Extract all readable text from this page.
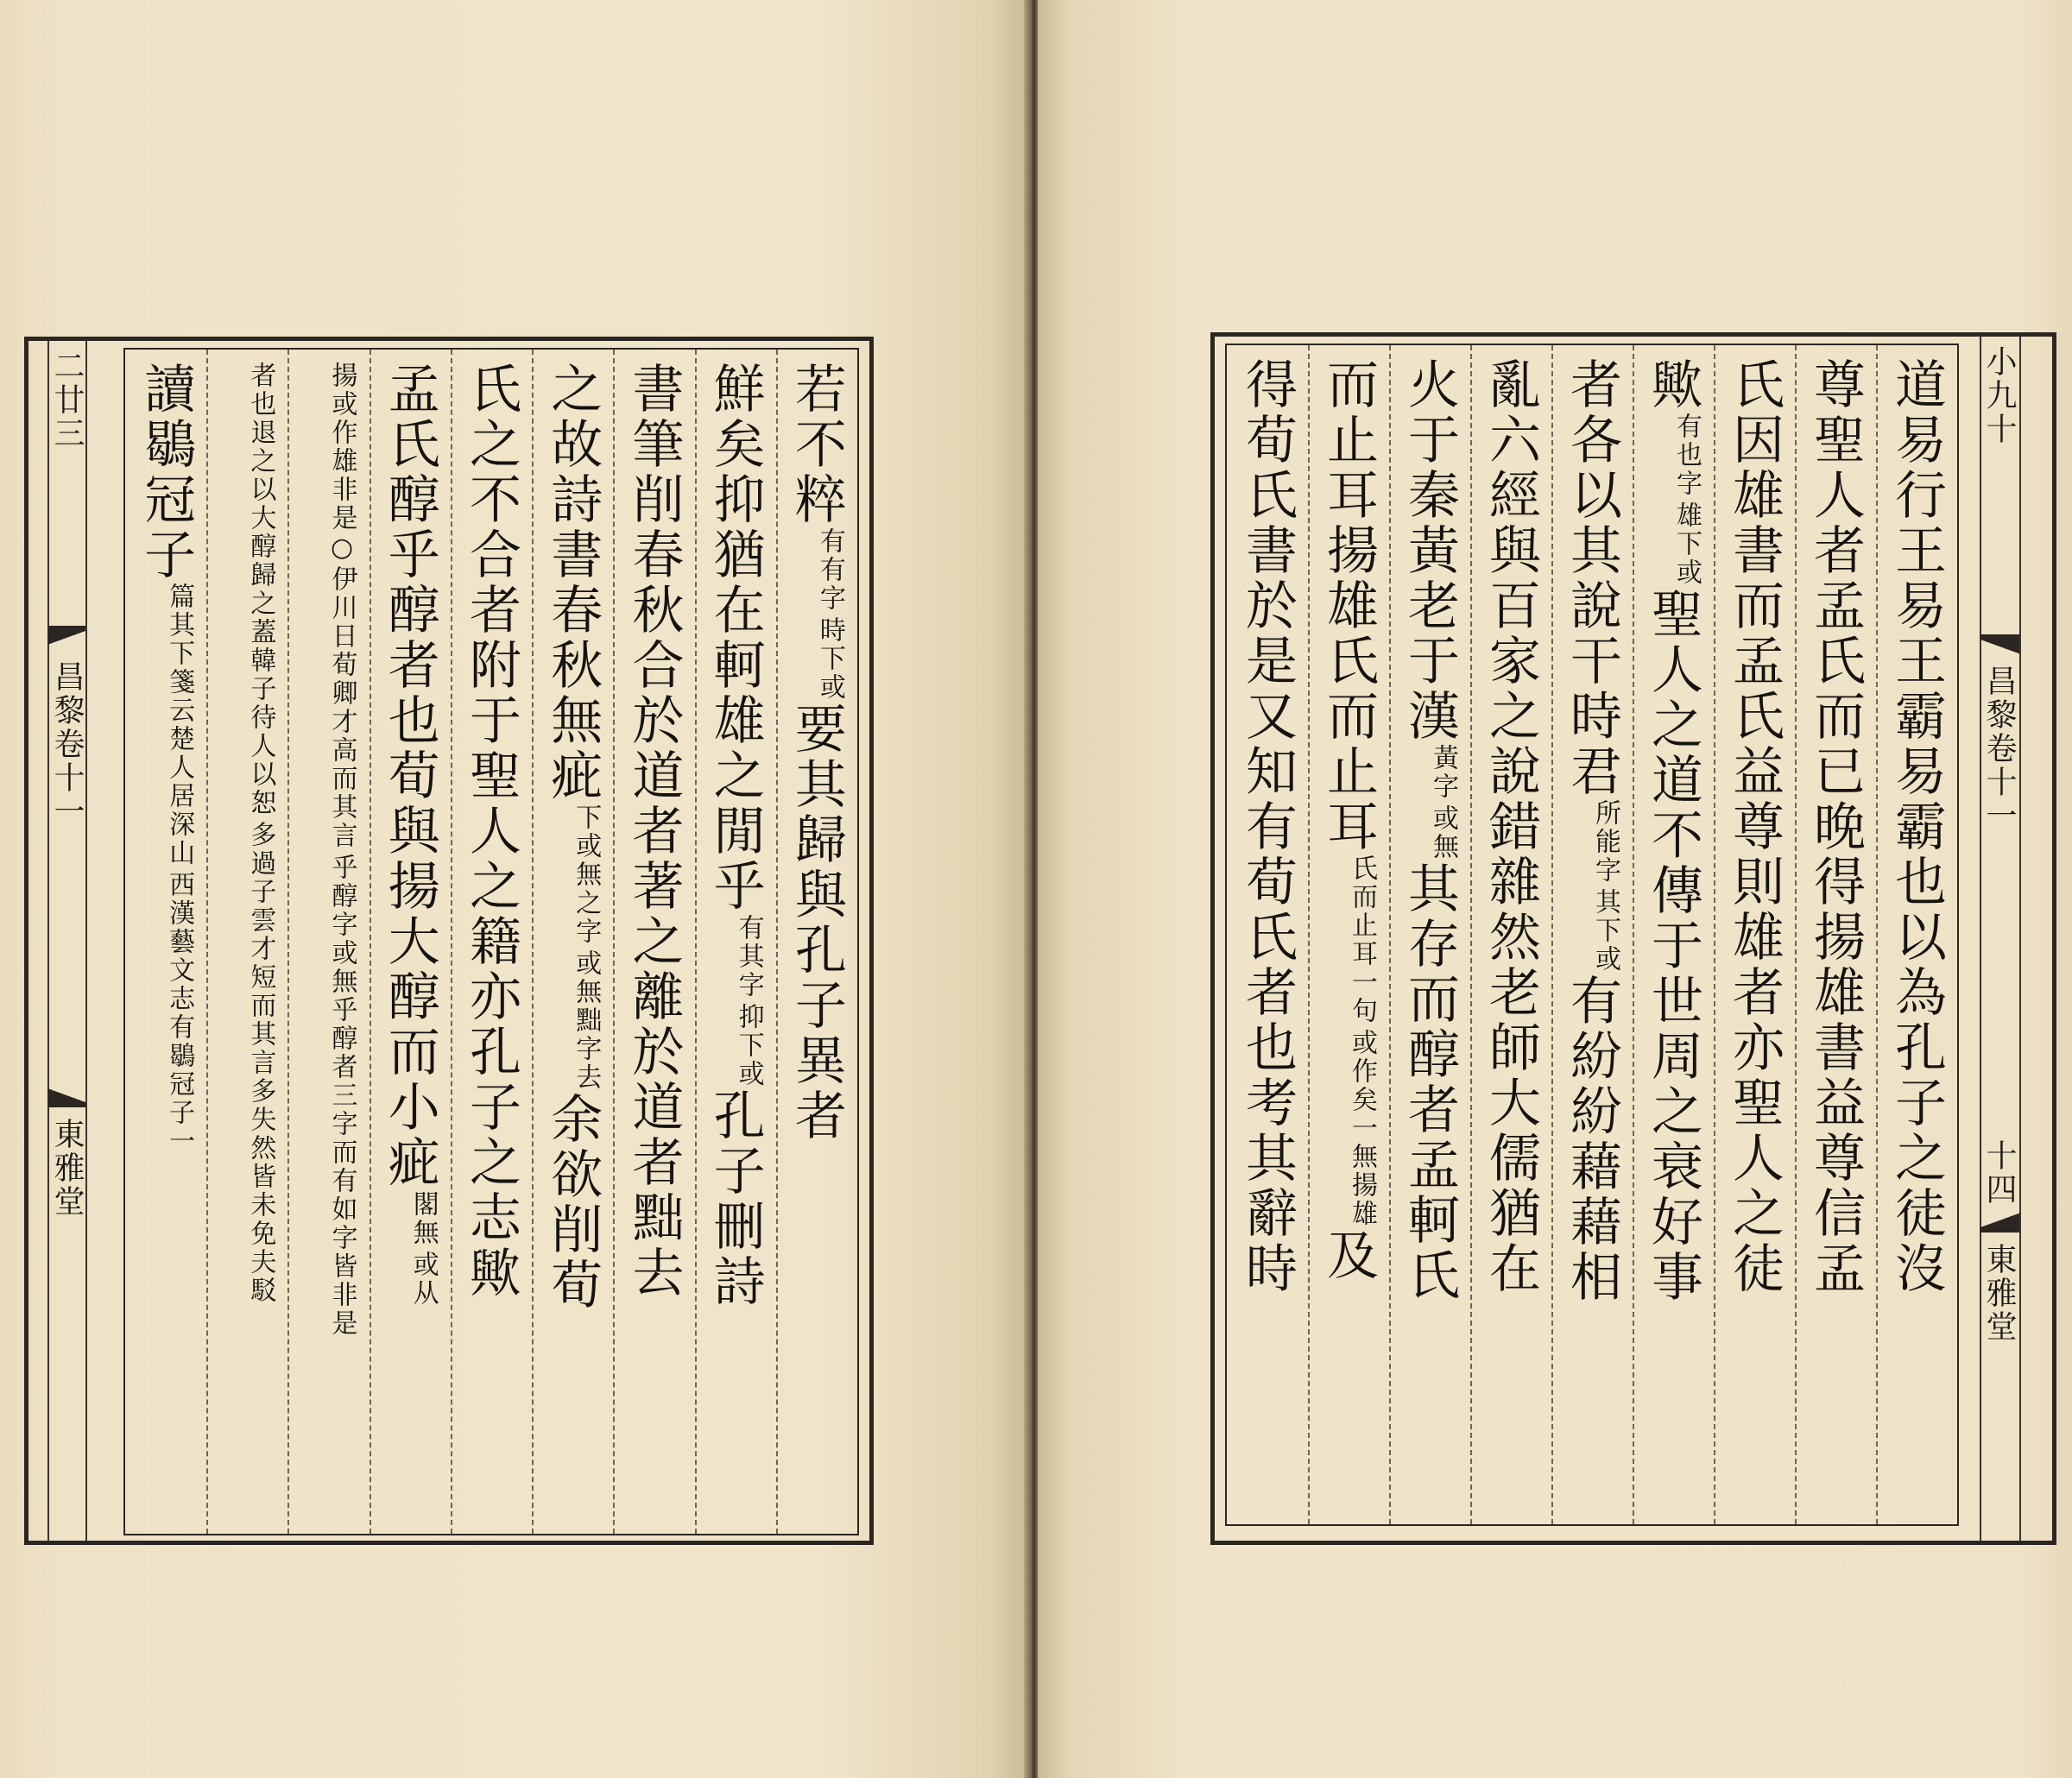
若不粹
時下或
有有字
要其歸與孔子異者
鮮矣抑猶在軻雄之閒乎
抑下或
有其字
孔子刪詩
書筆削春秋合於道者著之離於道者黜去
之故詩書春秋無疵
或無黜字去
下或無之字
余欲削荀
氏之不合者附于聖人之籍亦孔子之志歟
孟氏醇乎醇者也荀與揚大醇而小疵
或从
閣無
乎醇字或無乎醇者三字而有如字皆非是
揚或作雄非是○伊川日荀卿才高而其言
多過子雲才短而其言多失然皆未免夫駁
者也退之以大醇歸之蓋韓子待人以恕
讀鶡冠子
西漢藝文志有鶡冠子一
篇其下箋云楚人居深山
二廿三
昌黎卷十一
東雅堂	道易行王易王霸易霸也以為孔子之徒沒
尊聖人者孟氏而已晚得揚雄書益尊信孟
氏因雄書而孟氏益尊則雄者亦聖人之徒
歟
雄下或
有也字
聖人之道不傳于世周之衰好事
者各以其說干時君
其下或
所能字
有紛紛藉藉相
亂六經與百家之說錯雜然老師大儒猶在
火于秦黃老于漢
或無
黃字
其存而醇者孟軻氏
而止耳揚雄氏而止耳
或作矣一無揚雄
氏而止耳一句
及
得荀氏書於是又知有荀氏者也考其辭時	小九十
昌黎卷十一
十四
東雅堂
